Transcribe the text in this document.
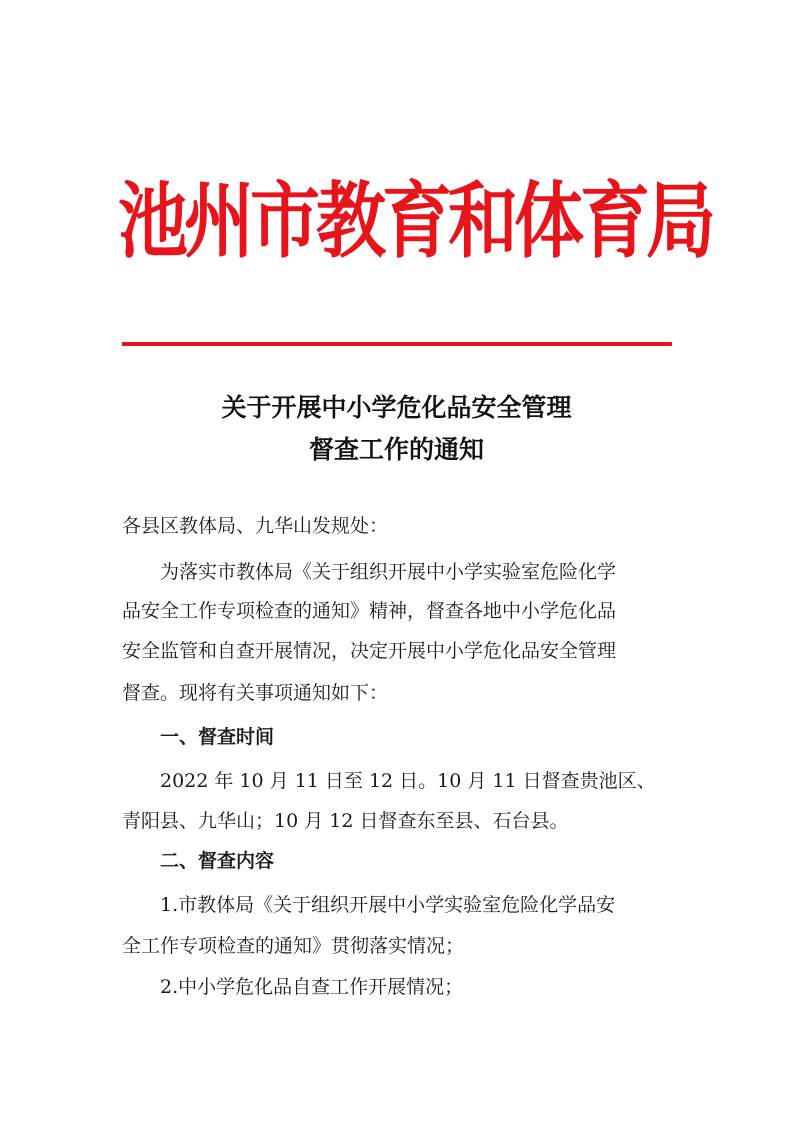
池州市教育和体育局
关于开展中小学危化品安全管理
督查工作的通知
各县区教体局、九华山发规处：
为落实市教体局《关于组织开展中小学实验室危险化学
品安全工作专项检查的通知》精神，督查各地中小学危化品
安全监管和自查开展情况，决定开展中小学危化品安全管理
督查。现将有关事项通知如下：
一、督查时间
2022 年 10 月 11 日至 12 日。10 月 11 日督查贵池区、
青阳县、九华山；10 月 12 日督查东至县、石台县。
二、督查内容
1.市教体局《关于组织开展中小学实验室危险化学品安
全工作专项检查的通知》贯彻落实情况；
2.中小学危化品自查工作开展情况；
